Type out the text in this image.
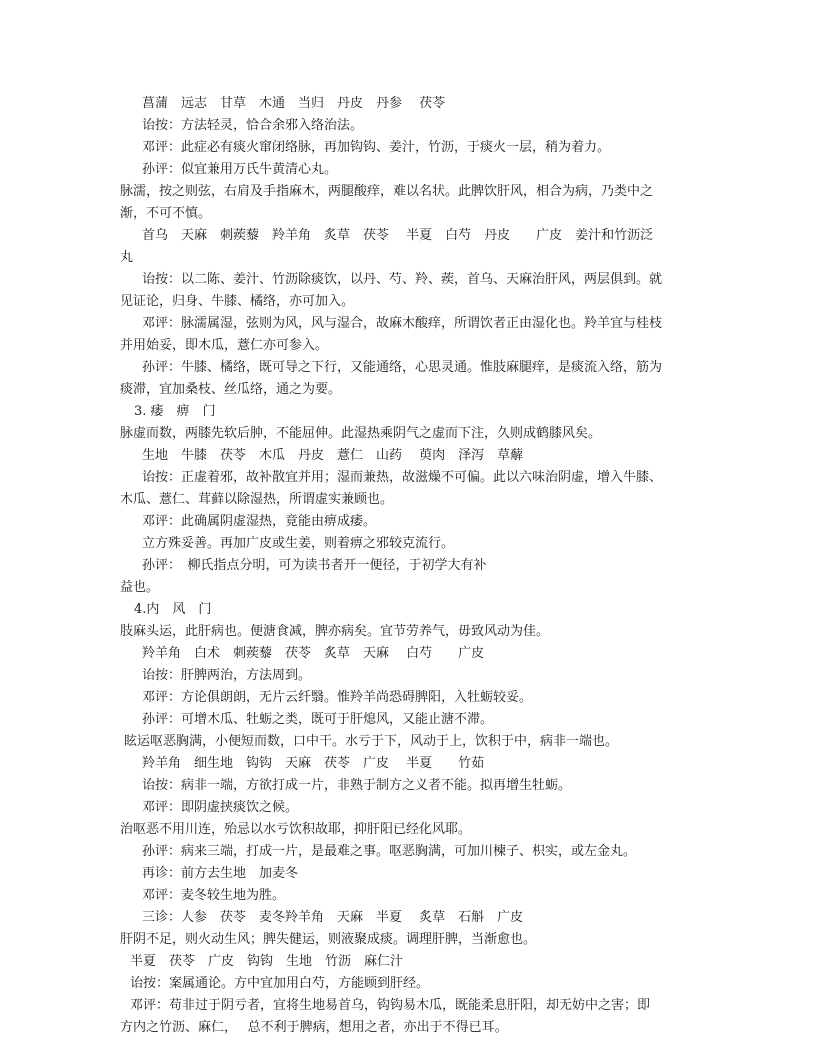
菖蒲　远志　甘草　木通　当归　丹皮　丹参　 茯苓
诒按：方法轻灵，恰合余邪入络治法。
邓评：此症必有痰火窜闭络脉，再加钩钩、姜汁，竹沥，于痰火一层，稍为着力。
孙评：似宜兼用万氏牛黄清心丸。
脉濡，按之则弦，右肩及手指麻木，两腿酸痒，难以名状。此脾饮肝风，相合为病，乃类中之
渐，不可不慎。
首乌　天麻　刺蒺藜　羚羊角　炙草　茯苓　 半夏　白芍　丹皮　　广皮　姜汁和竹沥泛
丸
诒按：以二陈、姜汁、竹沥除痰饮，以丹、芍、羚、蒺，首乌、天麻治肝风，两层俱到。就
见证论，归身、牛膝、橘络，亦可加入。
邓评：脉濡属湿，弦则为风，风与湿合，故麻木酸痒，所谓饮者正由湿化也。羚羊宜与桂枝
并用始妥，即木瓜，薏仁亦可参入。
孙评：牛膝、橘络，既可导之下行，又能通络，心思灵通。惟肢麻腿痒，是痰流入络，筋为
痰滞，宜加桑枝、丝瓜络，通之为要。
3. 痿　痹　门
脉虚而数，两膝先软后肿，不能屈伸。此湿热乘阴气之虚而下注，久则成鹤膝风矣。
生地　牛膝　茯苓　木瓜　丹皮　薏仁　山药　 萸肉　泽泻　草薢
诒按：正虚着邪，故补散宜并用；湿而兼热，故滋燥不可偏。此以六味治阴虚，增入牛膝、
木瓜、薏仁、茸藓以除湿热，所谓虚实兼顾也。
邓评：此确属阴虚湿热，竟能由痹成痿。
立方殊妥善。再加广皮或生姜，则着痹之邪较克流行。
孙评：　柳氏指点分明，可为读书者开一便径，于初学大有补
益也。
4.内　风　门
肢麻头运，此肝病也。便溏食减，脾亦病矣。宜节劳养气，毋致风动为佳。
羚羊角　白术　刺蒺藜　茯苓　炙草　天麻　 白芍　　广皮
诒按：肝脾两治，方法周到。
邓评：方论俱朗朗，无片云纤翳。惟羚羊尚恐碍脾阳，入牡蛎较妥。
孙评：可增木瓜、牡蛎之类，既可于肝熄风，又能止溏不滞。
眩运呕恶胸满，小便短而数，口中干。水亏于下，风动于上，饮积于中，病非一端也。
羚羊角　细生地　钩钩　天麻　茯苓　广皮　 半夏　　竹茹
诒按：病非一端，方欲打成一片，非熟于制方之义者不能。拟再增生牡蛎。
邓评：即阴虚挟痰饮之候。
治呕恶不用川连，殆忌以水亏饮积故耶，抑肝阳已经化风耶。
孙评：病来三端，打成一片，是最难之事。呕恶胸满，可加川楝子、枳实，或左金丸。
再诊：前方去生地　加麦冬
邓评：麦冬较生地为胜。
三诊：人参　茯苓　麦冬羚羊角　天麻　半夏　 炙草　石斛　广皮
肝阴不足，则火动生风；脾失健运，则液聚成痰。调理肝脾，当渐愈也。
半夏　茯苓　广皮　钩钩　生地　竹沥　麻仁汁
诒按：案属通论。方中宜加用白芍，方能顾到肝经。
邓评：苟非过于阴亏者，宜将生地易首乌，钩钩易木瓜，既能柔息肝阳，却无妨中之害；即
方内之竹沥、麻仁，　 总不利于脾病，想用之者，亦出于不得已耳。
